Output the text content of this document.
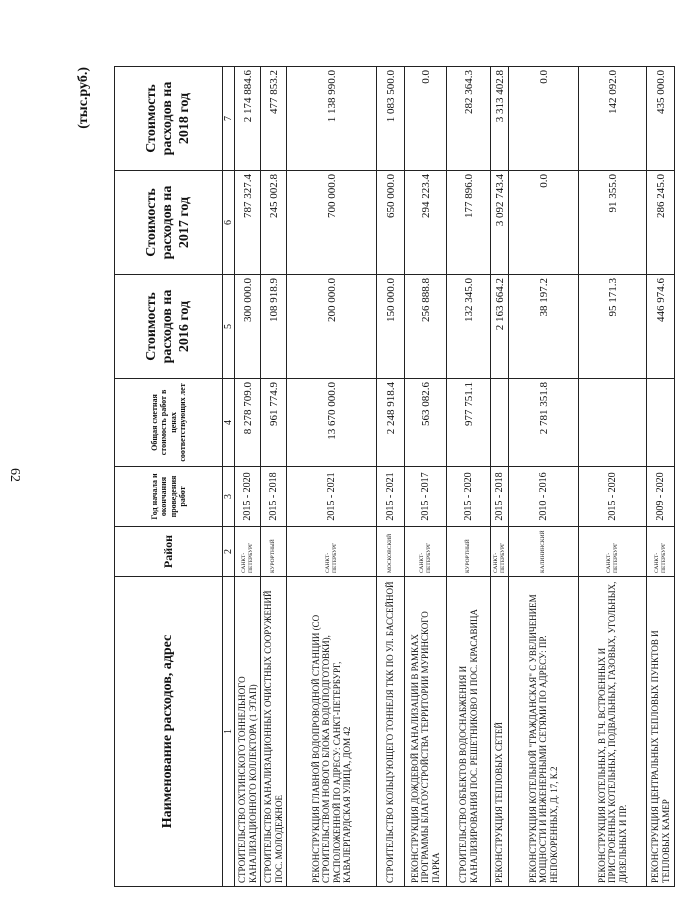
62
(тыс.руб.)
Наименование расходов, адрес	Район	Год начала и окончания проведения работ	Общая сметная стоимость работ в ценах соответствующих лет	Стоимость расходов на 2016 год	Стоимость расходов на 2017 год	Стоимость расходов на 2018 год
1	2	3	4	5	6	7
СТРОИТЕЛЬСТВО ОХТИНСКОГО ТОННЕЛЬНОГО КАНАЛИЗАЦИОННОГО КОЛЛЕКТОРА (1 ЭТАП)	САНКТ-ПЕТЕРБУРГ	2015 - 2020	8 278 709.0	300 000.0	787 327.4	2 174 884.6
СТРОИТЕЛЬСТВО КАНАЛИЗАЦИОННЫХ ОЧИСТНЫХ СООРУЖЕНИЙ ПОС. МОЛОДЕЖНОЕ	КУРОРТНЫЙ	2015 - 2018	961 774.9	108 918.9	245 002.8	477 853.2
РЕКОНСТРУКЦИЯ ГЛАВНОЙ ВОДОПРОВОДНОЙ СТАНЦИИ (СО СТРОИТЕЛЬСТВОМ НОВОГО БЛОКА ВОДОПОДГОТОВКИ), РАСПОЛОЖЕННОЙ ПО АДРЕСУ: САНКТ-ПЕТЕРБУРГ, КАВАЛЕРГАРДСКАЯ УЛИЦА, ДОМ 42	САНКТ-ПЕТЕРБУРГ	2015 - 2021	13 670 000.0	200 000.0	700 000.0	1 138 990.0
СТРОИТЕЛЬСТВО КОЛЬЦУЮЩЕГО ТОННЕЛЯ ТКК ПО УЛ. БАССЕЙНОЙ	МОСКОВСКИЙ	2015 - 2021	2 248 918.4	150 000.0	650 000.0	1 083 500.0
РЕКОНСТРУКЦИЯ ДОЖДЕВОЙ КАНАЛИЗАЦИИ В РАМКАХ ПРОГРАММЫ БЛАГОУСТРОЙСТВА ТЕРРИТОРИИ МУРИНСКОГО ПАРКА	САНКТ-ПЕТЕРБУРГ	2015 - 2017	563 082.6	256 888.8	294 223.4	0.0
СТРОИТЕЛЬСТВО ОБЪЕКТОВ ВОДОСНАБЖЕНИЯ И КАНАЛИЗИРОВАНИЯ ПОС. РЕШЕТНИКОВО И ПОС. КРАСАВИЦА	КУРОРТНЫЙ	2015 - 2020	977 751.1	132 345.0	177 896.0	282 364.3
РЕКОНСТРУКЦИЯ ТЕПЛОВЫХ СЕТЕЙ	САНКТ-ПЕТЕРБУРГ	2015 - 2018		2 163 664.2	3 092 743.4	3 313 402.8
РЕКОНСТРУКЦИЯ КОТЕЛЬНОЙ "ГРАЖДАНСКАЯ" С УВЕЛИЧЕНИЕМ МОЩНОСТИ И ИНЖЕНЕРНЫМИ СЕТЯМИ ПО АДРЕСУ: ПР. НЕПОКОРЕННЫХ, Д. 17, К.2	КАЛИНИНСКИЙ	2010 - 2016	2 781 351.8	38 197.2	0.0	0.0
РЕКОНСТРУКЦИЯ КОТЕЛЬНЫХ, В Т.Ч. ВСТРОЕННЫХ И ПРИСТРОЕННЫХ КОТЕЛЬНЫХ, ПОДВАЛЬНЫХ, ГАЗОВЫХ, УГОЛЬНЫХ, ДИЗЕЛЬНЫХ И ПР.	САНКТ-ПЕТЕРБУРГ	2015 - 2020		95 171.3	91 355.0	142 092.0
РЕКОНСТРУКЦИЯ ЦЕНТРАЛЬНЫХ ТЕПЛОВЫХ ПУНКТОВ И ТЕПЛОВЫХ КАМЕР	САНКТ-ПЕТЕРБУРГ	2009 - 2020		446 974.6	286 245.0	435 000.0
